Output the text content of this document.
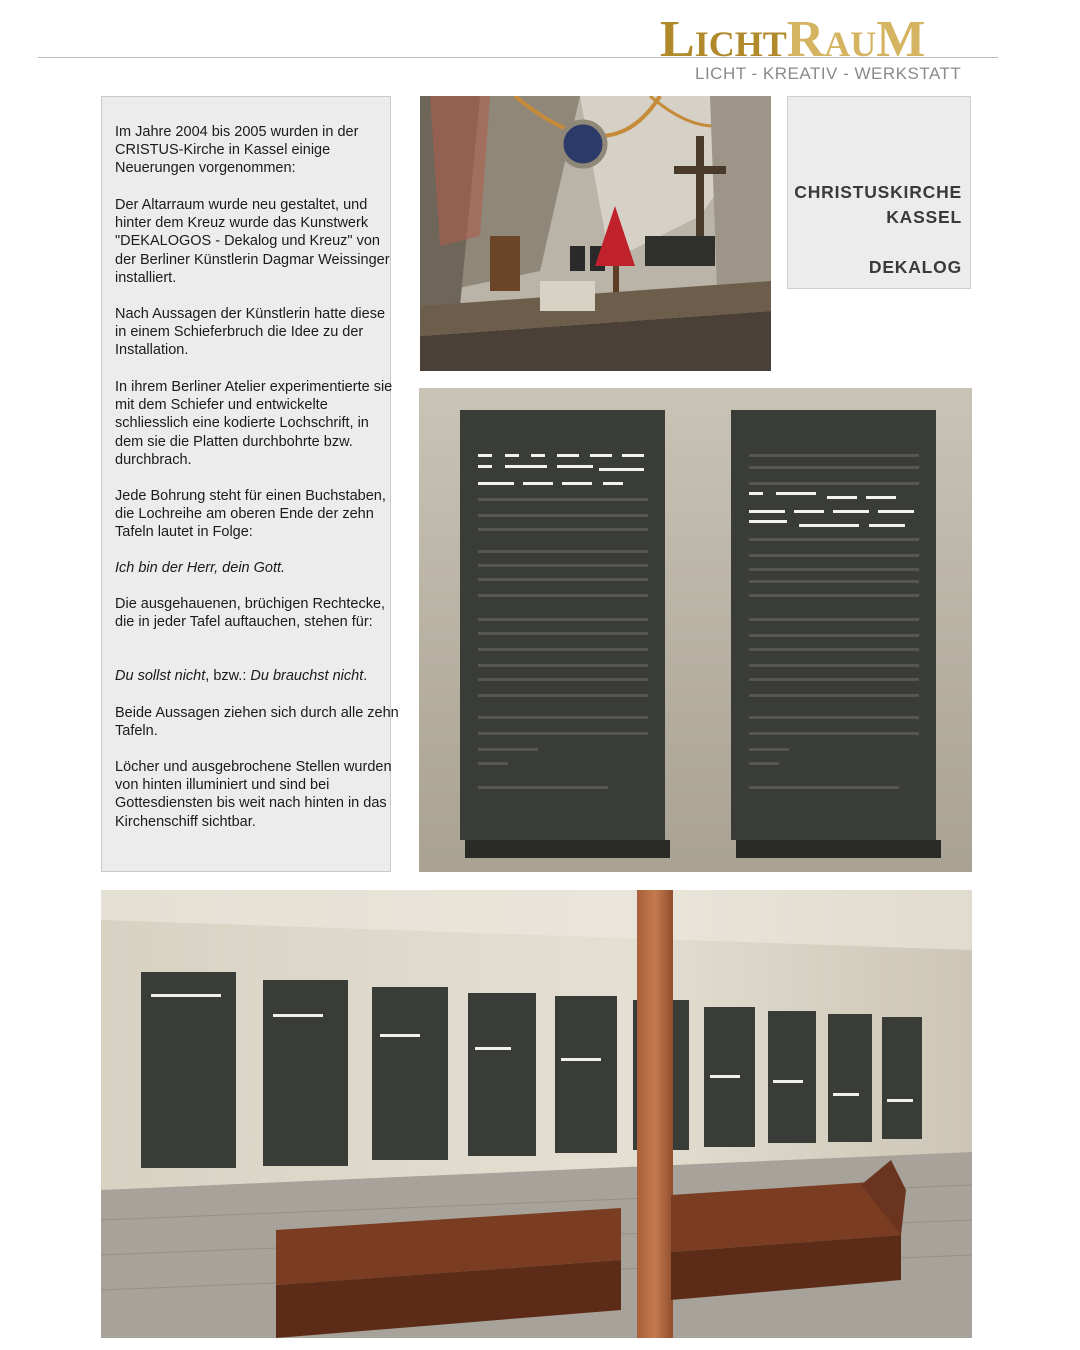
LICHTRAUM
LICHT - KREATIV - WERKSTATT

Im Jahre 2004 bis 2005 wurden in der CRISTUS-Kirche in Kassel einige Neuerungen vorgenommen:

Der Altarraum wurde neu gestaltet, und hinter dem Kreuz wurde das Kunstwerk "DEKALOGOS - Dekalog und Kreuz" von der Berliner Künstlerin Dagmar Weissinger installiert.

Nach Aussagen der Künstlerin hatte diese in einem Schieferbruch die Idee zu der Installation.

In ihrem Berliner Atelier experimentierte sie mit dem Schiefer und entwickelte schliesslich eine kodierte Lochschrift, in dem sie die Platten durchbohrte bzw. durchbrach.

Jede Bohrung steht für einen Buchstaben, die Lochreihe am oberen Ende der zehn Tafeln lautet in Folge:

Ich bin der Herr, dein Gott.

Die ausgehauenen, brüchigen Rechtecke, die in jeder Tafel auftauchen, stehen für:

Du sollst nicht, bzw.: Du brauchst nicht.

Beide Aussagen ziehen sich durch alle zehn Tafeln.

Löcher und ausgebrochene Stellen wurden von hinten illuminiert und sind bei Gottesdiensten bis weit nach hinten in das Kirchenschiff sichtbar.

CHRISTUSKIRCHE
KASSEL
DEKALOG
